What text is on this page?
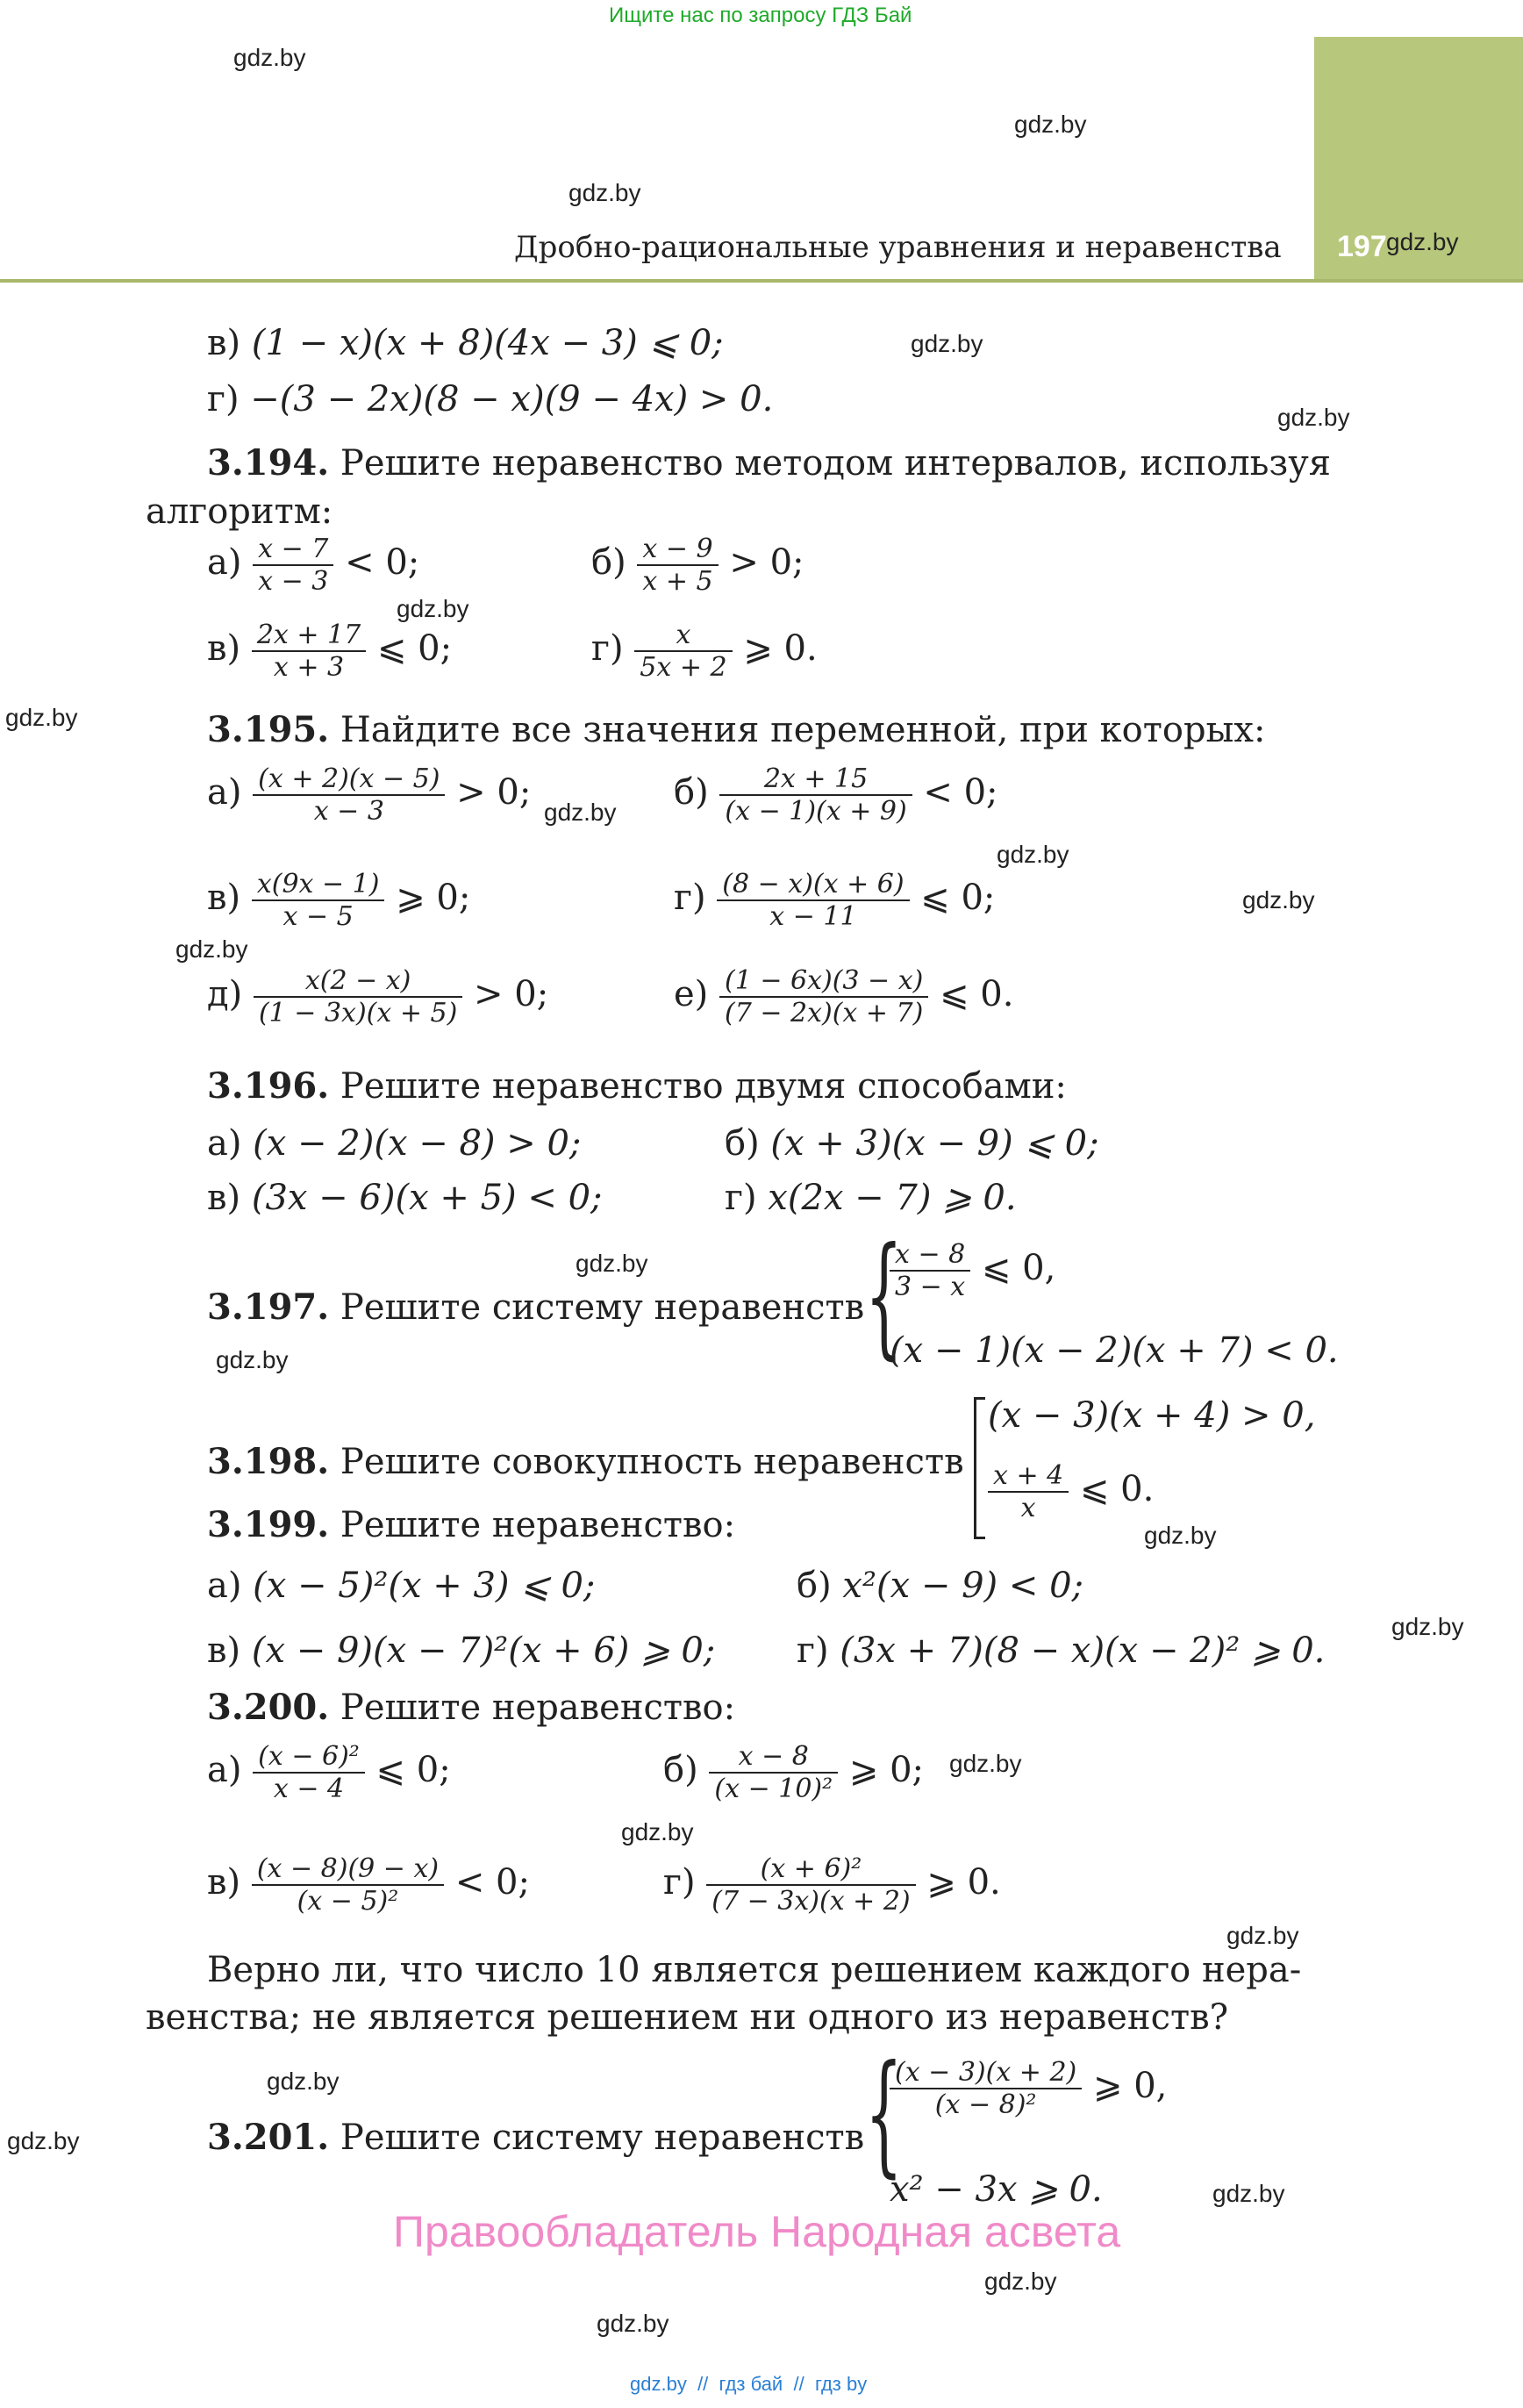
Ищите нас по запросу ГДЗ Бай
197
Дробно-рациональные уравнения и неравенства
gdz.by
gdz.by
gdz.by
gdz.by
gdz.by
gdz.by
gdz.by
gdz.by
gdz.by
gdz.by
gdz.by
gdz.by
gdz.by
gdz.by
gdz.by
gdz.by
gdz.by
gdz.by
gdz.by
gdz.by
gdz.by
gdz.by
gdz.by
gdz.by
в) (1 − x)(x + 8)(4x − 3) ⩽ 0;
г) −(3 − 2x)(8 − x)(9 − 4x) > 0.
3.194. Решите неравенство методом интервалов, используя
алгоритм:
$а) \frac{x - 7}{x - 3} < 0$;	$б) \frac{x - 9}{x + 5} > 0$;
$в) \frac{2x + 17}{x + 3}$ ⩽ 0;	$г) \frac{x}{5x + 2}$ ⩾ 0.
3.195. Найдите все значения переменной, при которых:
$а) \frac{(x + 2)(x - 5)}{x - 3} > 0$;	$б) \frac{2x + 15}{(x - 1)(x + 9)} < 0$;
$в) \frac{x(9x - 1)}{x - 5}$ ⩾ 0;	$г) \frac{(8 - x)(x + 6)}{x - 11}$ ⩽ 0;
$д) \frac{x(2 - x)}{(1 - 3x)(x + 5)} > 0$;	$е) \frac{(1 - 6x)(3 - x)}{(7 - 2x)(x + 7)}$ ⩽ 0.
3.196. Решите неравенство двумя способами:
а) (x − 2)(x − 8) > 0;	б) (x + 3)(x − 9) ⩽ 0;
в) (3x − 6)(x + 5) < 0;	г) x(2x − 7) ⩾ 0.
3.197. Решите систему неравенств {
$\frac{x - 8}{3 - x}$ ⩽ 0,
(x − 1)(x − 2)(x + 7) < 0.
3.198. Решите совокупность неравенств
(x − 3)(x + 4) > 0,
$\frac{x + 4}{x}$ ⩽ 0.
3.199. Решите неравенство:
а) (x − 5)²(x + 3) ⩽ 0;	б) x²(x − 9) < 0;
в) (x − 9)(x − 7)²(x + 6) ⩾ 0; г) (3x + 7)(8 − x)(x − 2)² ⩾ 0.
3.200. Решите неравенство:
$а) \frac{\text{(x − 6)²}}{x - 4}$ ⩽ 0;	$б) \frac{x - 8}{\text{(x − 10)²}}$ ⩾ 0;
$в) \frac{(x - 8)(9 - x)}{\text{(x − 5)²}} < 0$;	$г) \frac{\text{(x + 6)²}}{(7 - 3x)(x + 2)}$ ⩾ 0.
Верно ли, что число 10 является решением каждого нера-
венства; не является решением ни одного из неравенств?
3.201. Решите систему неравенств {
$\frac{(x - 3)(x + 2)}{\text{(x − 8)²}}$ ⩾ 0,
x² − 3x ⩾ 0.
Правообладатель Народная асвета
gdz.by // гдз бай // гдз by
